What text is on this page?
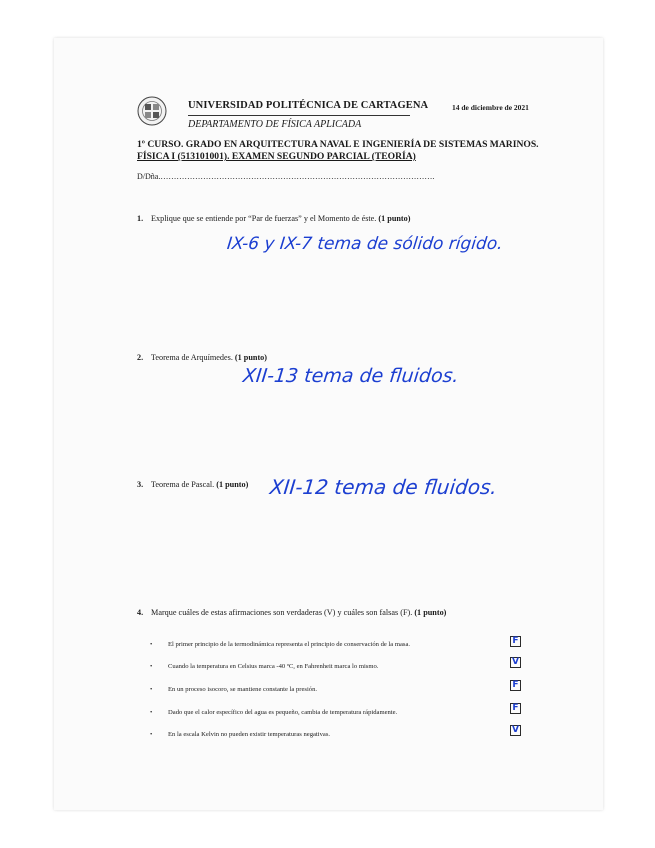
UNIVERSIDAD POLITÉCNICA DE CARTAGENA
DEPARTAMENTO DE FÍSICA APLICADA
14 de diciembre de 2021
1º CURSO. GRADO EN ARQUITECTURA NAVAL E INGENIERÍA DE SISTEMAS MARINOS.
FÍSICA I (513101001). EXAMEN SEGUNDO PARCIAL (TEORÍA)
D/Dña.………………………………………………………………………………………….
1. Explique que se entiende por “Par de fuerzas” y el Momento de éste. (1 punto)
IX-6 y IX-7 tema de sólido rígido.
2. Teorema de Arquímedes. (1 punto)
XII-13 tema de fluidos.
3. Teorema de Pascal. (1 punto) XII-12 tema de fluidos.
4. Marque cuáles de estas afirmaciones son verdaderas (V) y cuáles son falsas (F). (1 punto)
• El primer principio de la termodinámica representa el principio de conservación de la masa.	F
• Cuando la temperatura en Celsius marca -40 ºC, en Fahrenheit marca lo mismo.	V
• En un proceso isocoro, se mantiene constante la presión.	F
• Dado que el calor específico del agua es pequeño, cambia de temperatura rápidamente.	F
• En la escala Kelvin no pueden existir temperaturas negativas.	V
